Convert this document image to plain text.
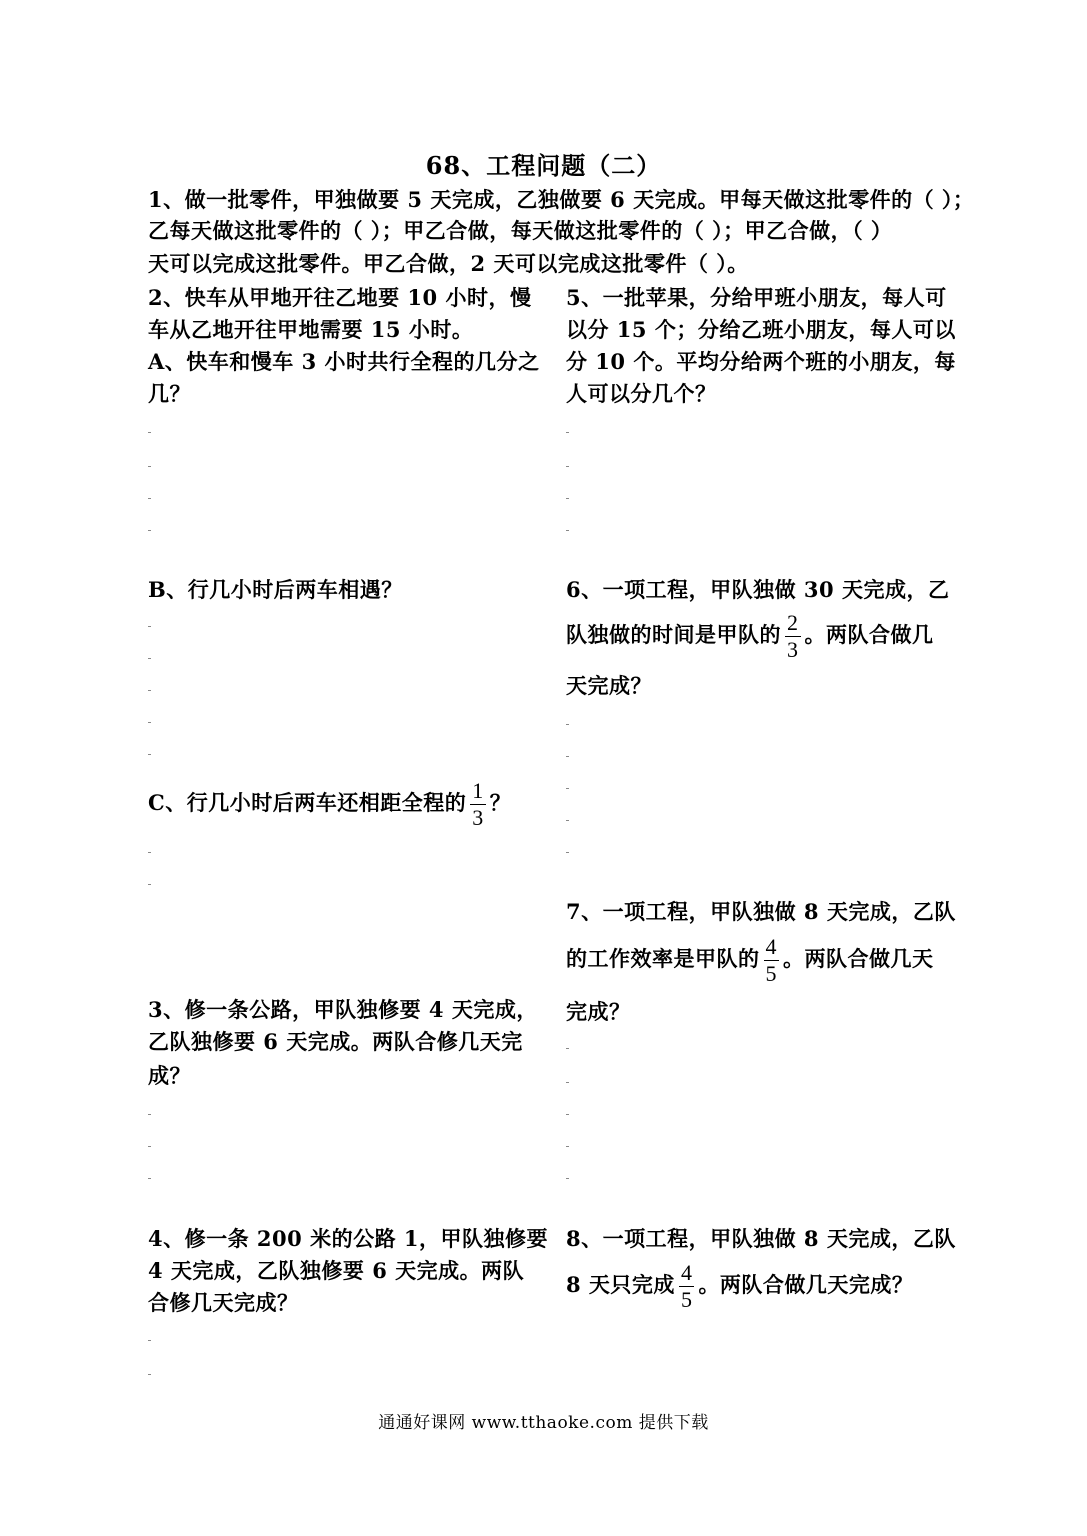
68、工程问题（二）
1、做一批零件，甲独做要 5 天完成，乙独做要 6 天完成。甲每天做这批零件的（ ）；
乙每天做这批零件的（ ）；甲乙合做，每天做这批零件的（ ）；甲乙合做，（ ）
天可以完成这批零件。甲乙合做，2 天可以完成这批零件（ ）。
2、快车从甲地开往乙地要 10 小时，慢
车从乙地开往甲地需要 15 小时。
A、快车和慢车 3 小时共行全程的几分之
几？
B、行几小时后两车相遇？
C、行几小时后两车还相距全程的 $\frac{1}{3}$ ？
3、修一条公路，甲队独修要 4 天完成，
乙队独修要 6 天完成。两队合修几天完
成？
4、修一条 200 米的公路 1，甲队独修要
4 天完成，乙队独修要 6 天完成。两队
合修几天完成？
5、一批苹果，分给甲班小朋友，每人可
以分 15 个；分给乙班小朋友，每人可以
分 10 个。平均分给两个班的小朋友，每
人可以分几个？
6、一项工程，甲队独做 30 天完成，乙
队独做的时间是甲队的 $\frac{2}{3}$ 。两队合做几
天完成？
7、一项工程，甲队独做 8 天完成，乙队
的工作效率是甲队的 $\frac{4}{5}$ 。两队合做几天
完成？
8、一项工程，甲队独做 8 天完成，乙队
8 天只完成 $\frac{4}{5}$ 。两队合做几天完成？
通通好课网 www.tthaoke.com 提供下载
